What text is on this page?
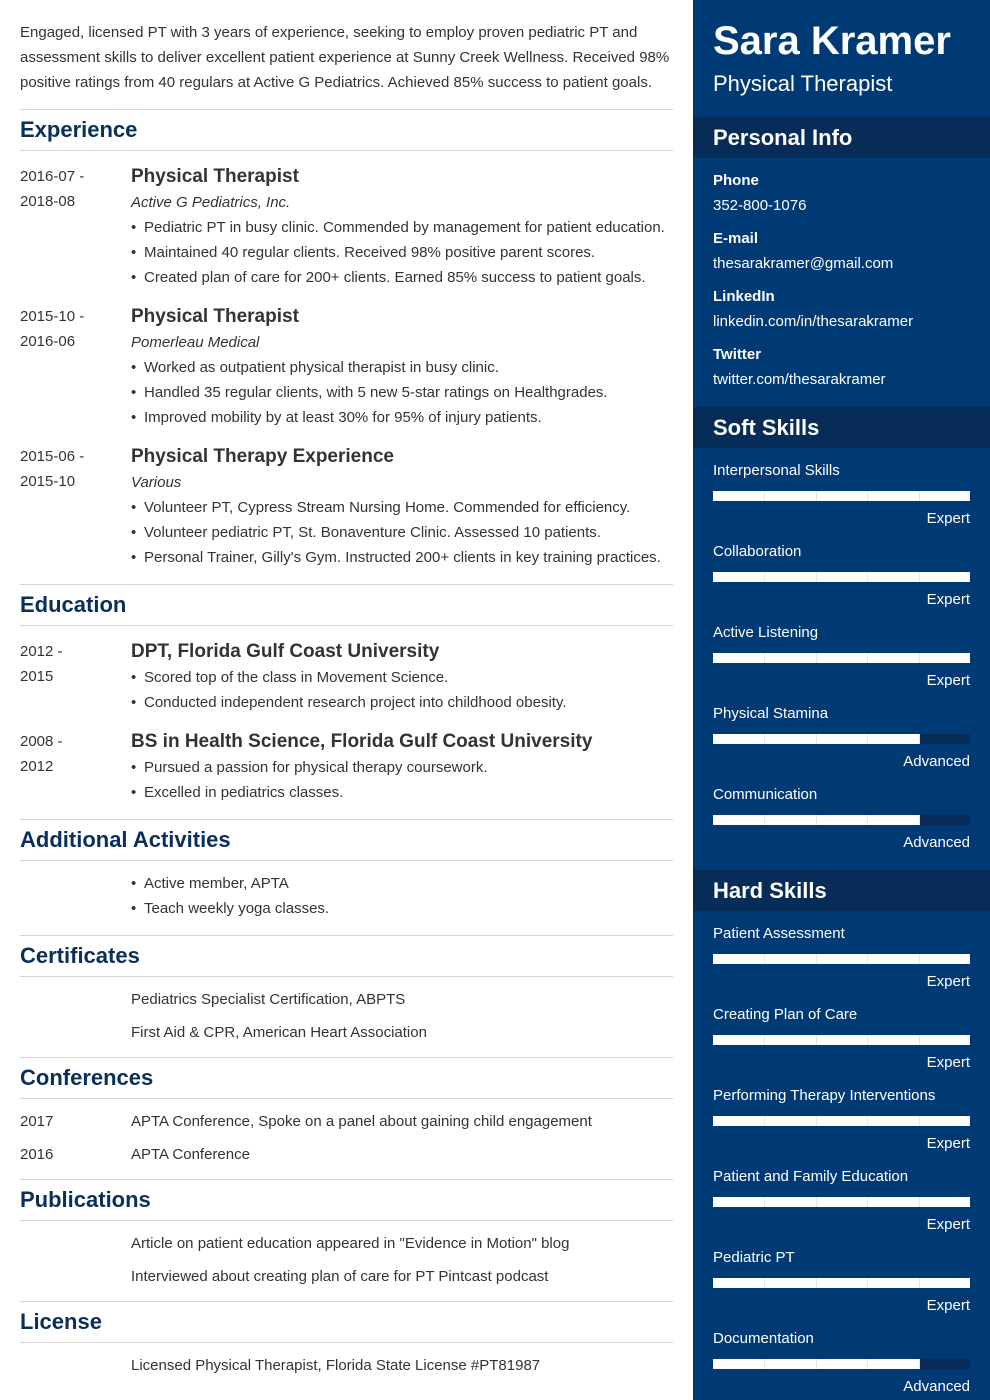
Engaged, licensed PT with 3 years of experience, seeking to employ proven pediatric PT and assessment skills to deliver excellent patient experience at Sunny Creek Wellness. Received 98% positive ratings from 40 regulars at Active G Pediatrics. Achieved 85% success to patient goals.

Experience
2016-07 -
2018-08
Physical Therapist
Active G Pediatrics, Inc.
• Pediatric PT in busy clinic. Commended by management for patient education.
• Maintained 40 regular clients. Received 98% positive parent scores.
• Created plan of care for 200+ clients. Earned 85% success to patient goals.
2015-10 -
2016-06
Physical Therapist
Pomerleau Medical
• Worked as outpatient physical therapist in busy clinic.
• Handled 35 regular clients, with 5 new 5-star ratings on Healthgrades.
• Improved mobility by at least 30% for 95% of injury patients.
2015-06 -
2015-10
Physical Therapy Experience
Various
• Volunteer PT, Cypress Stream Nursing Home. Commended for efficiency.
• Volunteer pediatric PT, St. Bonaventure Clinic. Assessed 10 patients.
• Personal Trainer, Gilly's Gym. Instructed 200+ clients in key training practices.
Education
2012 -
2015
DPT, Florida Gulf Coast University
• Scored top of the class in Movement Science.
• Conducted independent research project into childhood obesity.
2008 -
2012
BS in Health Science, Florida Gulf Coast University
• Pursued a passion for physical therapy coursework.
• Excelled in pediatrics classes.
Additional Activities
• Active member, APTA
• Teach weekly yoga classes.
Certificates
Pediatrics Specialist Certification, ABPTS
First Aid & CPR, American Heart Association
Conferences
2017	APTA Conference, Spoke on a panel about gaining child engagement
2016	APTA Conference
Publications
Article on patient education appeared in "Evidence in Motion" blog
Interviewed about creating plan of care for PT Pintcast podcast
License
Licensed Physical Therapist, Florida State License #PT81987
Sara Kramer
Physical Therapist
Personal Info
Phone
352-800-1076
E-mail
thesarakramer@gmail.com
LinkedIn
linkedin.com/in/thesarakramer
Twitter
twitter.com/thesarakramer
Soft Skills
Interpersonal Skills
Expert
Collaboration
Expert
Active Listening
Expert
Physical Stamina
Advanced
Communication
Advanced
Hard Skills
Patient Assessment
Expert
Creating Plan of Care
Expert
Performing Therapy Interventions
Expert
Patient and Family Education
Expert
Pediatric PT
Expert
Documentation
Advanced
